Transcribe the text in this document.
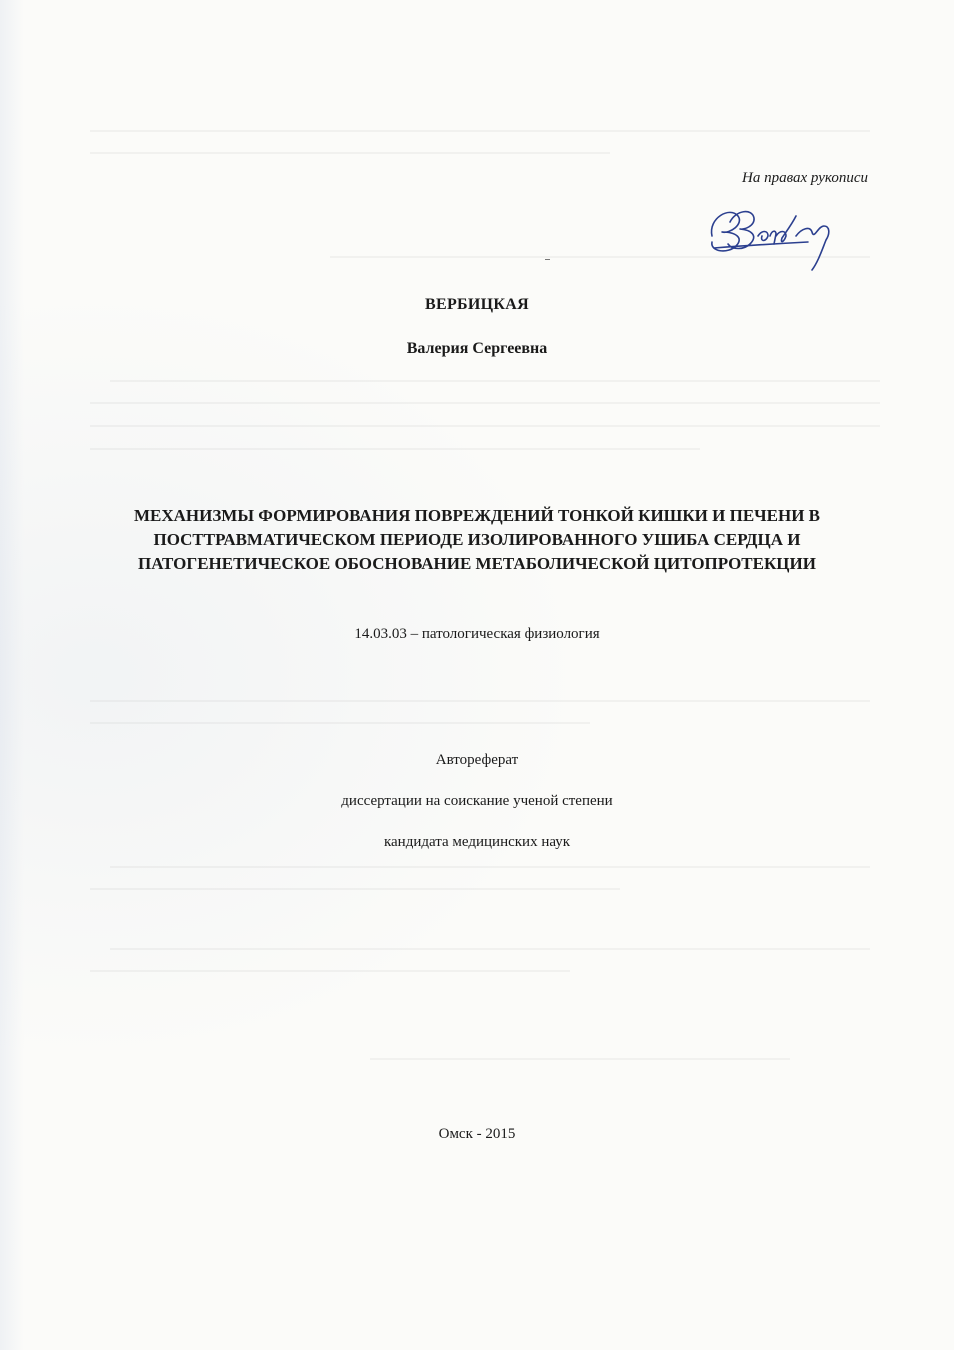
На правах рукописи
ВЕРБИЦКАЯ
Валерия Сергеевна
МЕХАНИЗМЫ ФОРМИРОВАНИЯ ПОВРЕЖДЕНИЙ ТОНКОЙ КИШКИ И ПЕЧЕНИ В
ПОСТТРАВМАТИЧЕСКОМ ПЕРИОДЕ ИЗОЛИРОВАННОГО УШИБА СЕРДЦА И
ПАТОГЕНЕТИЧЕСКОЕ ОБОСНОВАНИЕ МЕТАБОЛИЧЕСКОЙ ЦИТОПРОТЕКЦИИ
14.03.03 – патологическая физиология
Автореферат
диссертации на соискание ученой степени
кандидата медицинских наук
Омск - 2015
